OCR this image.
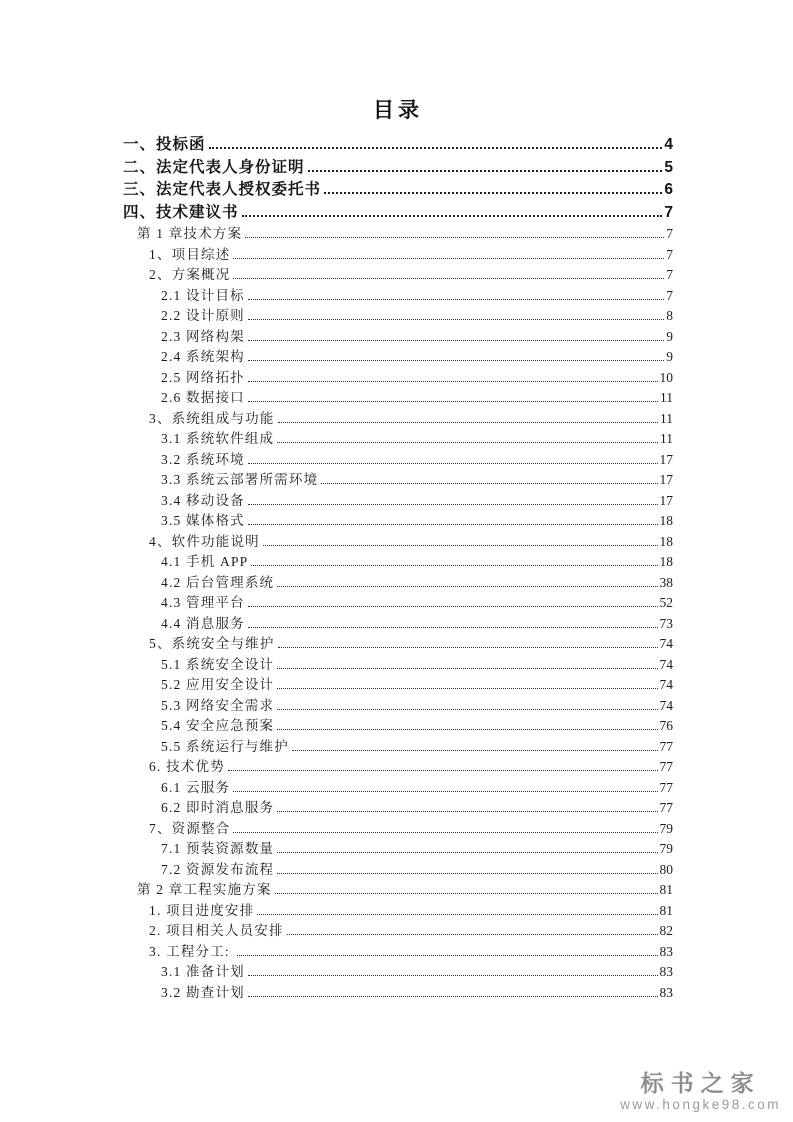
目录
一、投标函	4
二、法定代表人身份证明	5
三、法定代表人授权委托书	6
四、技术建议书	7
第 1 章技术方案	7
1、项目综述	7
2、方案概况	7
2.1 设计目标	7
2.2 设计原则	8
2.3 网络构架	9
2.4 系统架构	9
2.5 网络拓扑	10
2.6 数据接口	11
3、系统组成与功能	11
3.1 系统软件组成	11
3.2 系统环境	17
3.3 系统云部署所需环境	17
3.4 移动设备	17
3.5 媒体格式	18
4、软件功能说明	18
4.1 手机 APP	18
4.2 后台管理系统	38
4.3 管理平台	52
4.4 消息服务	73
5、系统安全与维护	74
5.1 系统安全设计	74
5.2 应用安全设计	74
5.3 网络安全需求	74
5.4 安全应急预案	76
5.5 系统运行与维护	77
6. 技术优势	77
6.1 云服务	77
6.2 即时消息服务	77
7、资源整合	79
7.1 预装资源数量	79
7.2 资源发布流程	80
第 2 章工程实施方案	81
1. 项目进度安排	81
2. 项目相关人员安排	82
3. 工程分工:	83
3.1 准备计划	83
3.2 勘查计划	83
标书之家
www.hongke98.com
